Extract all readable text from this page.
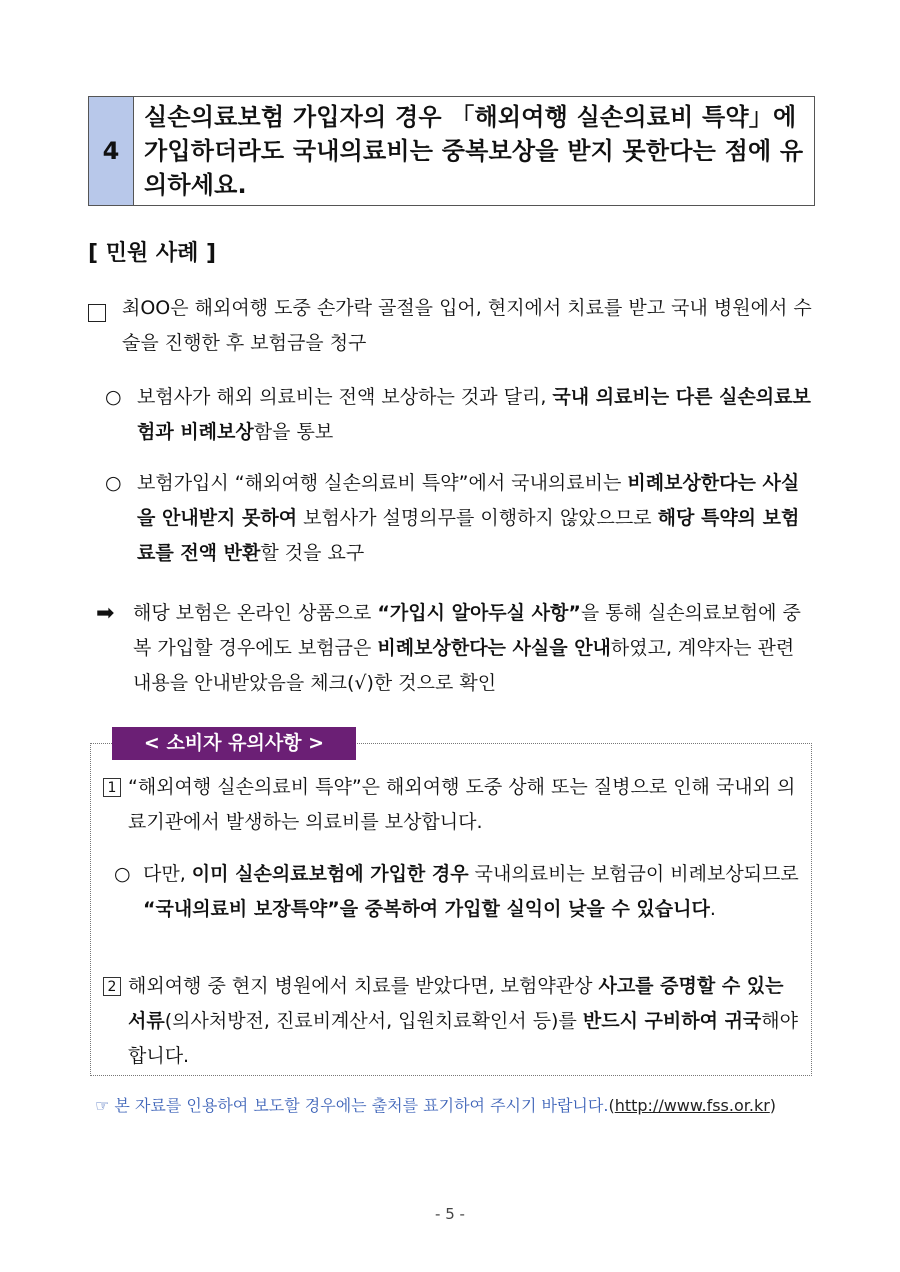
4
실손의료보험 가입자의 경우 「해외여행 실손의료비 특약」에 가입하더라도 국내의료비는 중복보상을 받지 못한다는 점에 유의하세요.
[ 민원 사례 ]
최OO은 해외여행 도중 손가락 골절을 입어, 현지에서 치료를 받고 국내 병원에서 수술을 진행한 후 보험금을 청구
○ 보험사가 해외 의료비는 전액 보상하는 것과 달리, 국내 의료비는 다른 실손의료보험과 비례보상함을 통보
○ 보험가입시 “해외여행 실손의료비 특약”에서 국내의료비는 비례보상한다는 사실을 안내받지 못하여 보험사가 설명의무를 이행하지 않았으므로 해당 특약의 보험료를 전액 반환할 것을 요구
➡ 해당 보험은 온라인 상품으로 “가입시 알아두실 사항”을 통해 실손의료보험에 중복 가입할 경우에도 보험금은 비례보상한다는 사실을 안내하였고, 계약자는 관련 내용을 안내받았음을 체크(√)한 것으로 확인
< 소비자 유의사항 >
1 “해외여행 실손의료비 특약”은 해외여행 도중 상해 또는 질병으로 인해 국내외 의료기관에서 발생하는 의료비를 보상합니다.
○ 다만, 이미 실손의료보험에 가입한 경우 국내의료비는 보험금이 비례보상되므로 “국내의료비 보장특약”을 중복하여 가입할 실익이 낮을 수 있습니다.
2 해외여행 중 현지 병원에서 치료를 받았다면, 보험약관상 사고를 증명할 수 있는 서류(의사처방전, 진료비계산서, 입원치료확인서 등)를 반드시 구비하여 귀국해야 합니다.
☞ 본 자료를 인용하여 보도할 경우에는 출처를 표기하여 주시기 바랍니다.(http://www.fss.or.kr)
- 5 -
